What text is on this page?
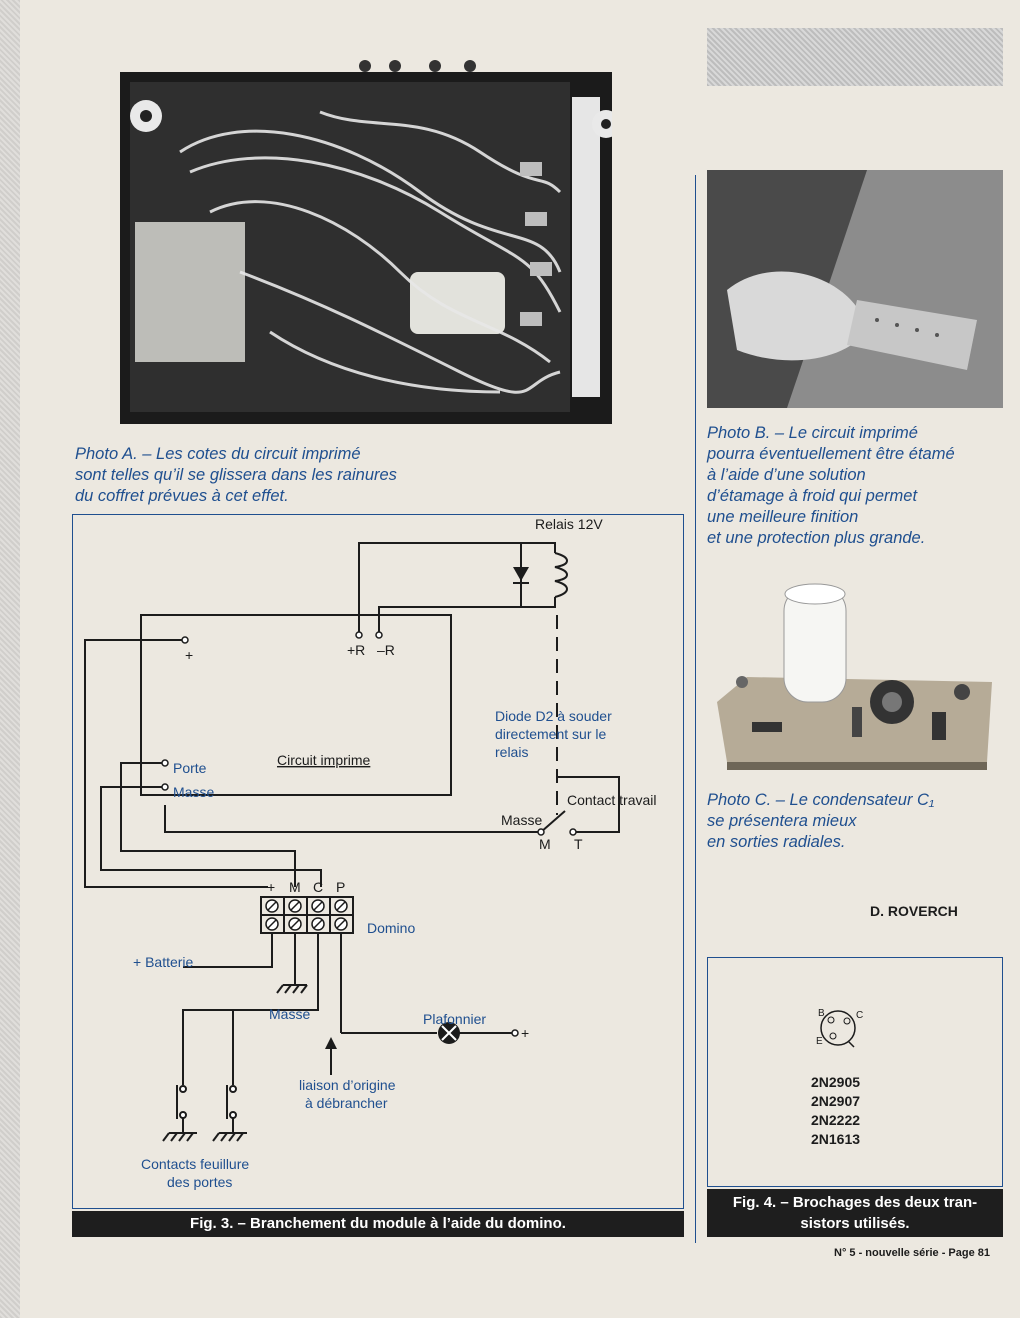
Photo A. – Les cotes du circuit imprimé
sont telles qu’il se glissera dans les rainures
du coffret prévues à cet effet.
Photo B. – Le circuit imprimé
pourra éventuellement être étamé
à l’aide d’une solution
d’étamage à froid qui permet
une meilleure finition
et une protection plus grande.
Photo C. – Le condensateur C₁
se présentera mieux
en sorties radiales.
D. ROVERCH
Relais 12V
+R –R
+
Diode D2 à souder
directement sur le
relais
Circuit imprime
Porte
Masse	Contact travail
Masse
M T
+ M C P
Domino
+ Batterie
Masse	Plafonnier
+
liaison d’origine
à débrancher
Contacts feuillure
des portes
Fig. 3. – Branchement du module à l’aide du domino.
B	C
E
2N2905
2N2907
2N2222
2N1613
Fig. 4. – Brochages des deux tran-
sistors utilisés.
N° 5 - nouvelle série - Page 81
